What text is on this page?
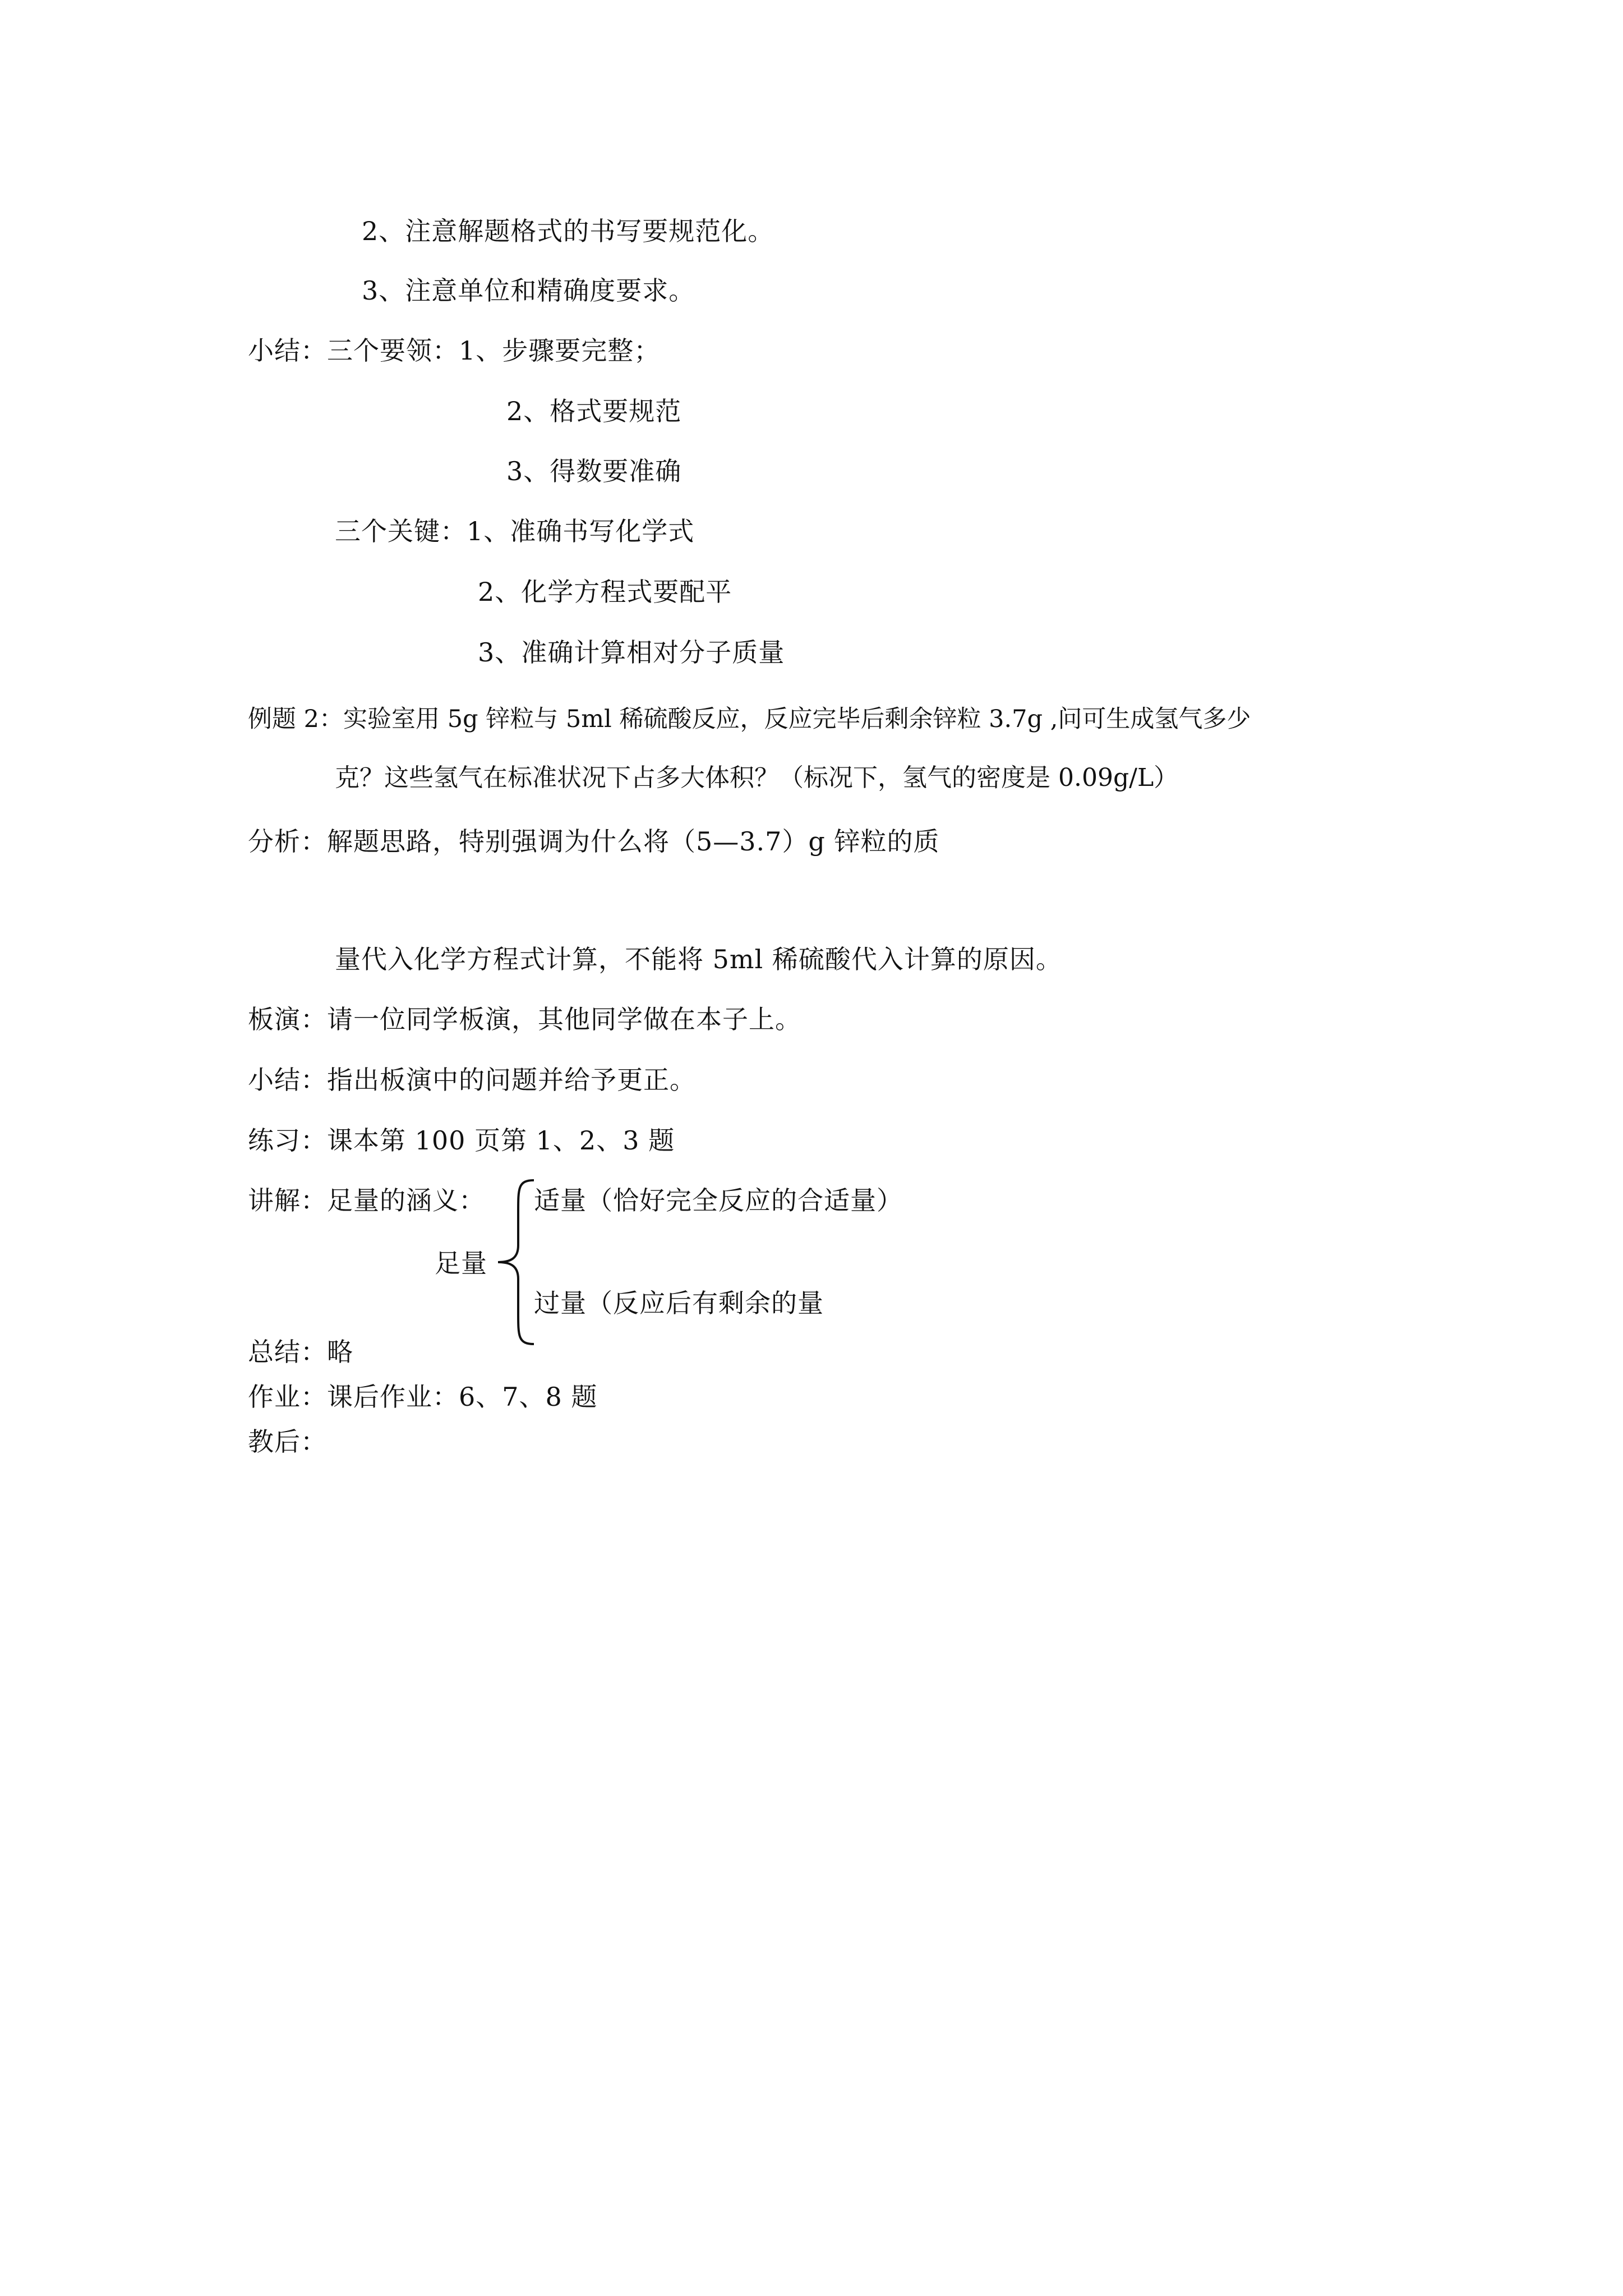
2、注意解题格式的书写要规范化。
3、注意单位和精确度要求。
小结：三个要领：1、步骤要完整；
2、格式要规范
3、得数要准确
三个关键：1、准确书写化学式
2、化学方程式要配平
3、准确计算相对分子质量
例题 2：实验室用 5g 锌粒与 5ml 稀硫酸反应，反应完毕后剩余锌粒 3.7g ,问可生成氢气多少
克？这些氢气在标准状况下占多大体积？（标况下，氢气的密度是 0.09g/L）
分析：解题思路，特别强调为什么将（5—3.7）g 锌粒的质
量代入化学方程式计算，不能将 5ml 稀硫酸代入计算的原因。
板演：请一位同学板演，其他同学做在本子上。
小结：指出板演中的问题并给予更正。
练习：课本第 100 页第 1、2、3 题
讲解：足量的涵义： 适量（恰好完全反应的合适量）
足量
过量（反应后有剩余的量
总结：略
作业：课后作业：6、7、8 题
教后：
